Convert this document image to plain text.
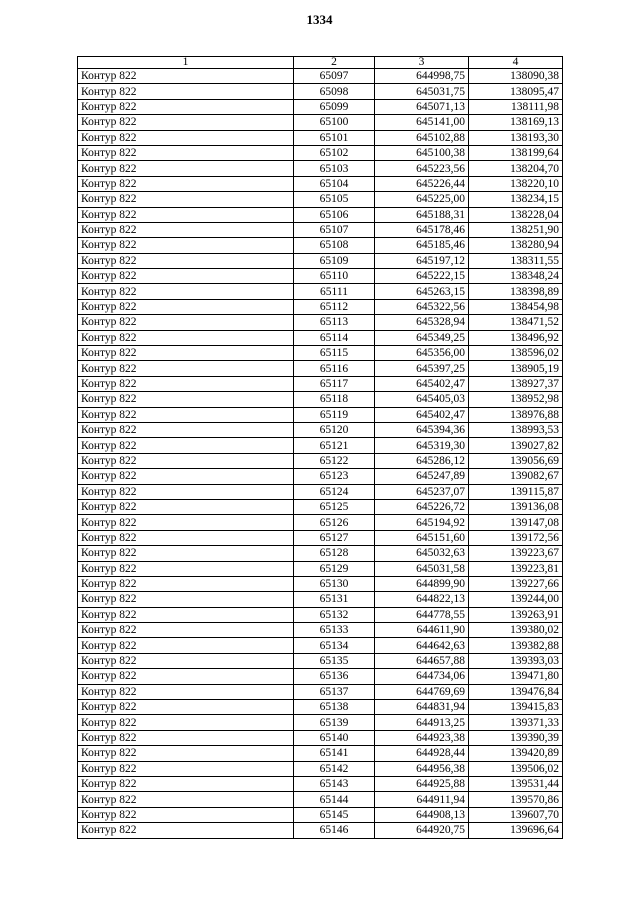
1334
1	2	3	4
Контур 822	65097	644998,75	138090,38
Контур 822	65098	645031,75	138095,47
Контур 822	65099	645071,13	138111,98
Контур 822	65100	645141,00	138169,13
Контур 822	65101	645102,88	138193,30
Контур 822	65102	645100,38	138199,64
Контур 822	65103	645223,56	138204,70
Контур 822	65104	645226,44	138220,10
Контур 822	65105	645225,00	138234,15
Контур 822	65106	645188,31	138228,04
Контур 822	65107	645178,46	138251,90
Контур 822	65108	645185,46	138280,94
Контур 822	65109	645197,12	138311,55
Контур 822	65110	645222,15	138348,24
Контур 822	65111	645263,15	138398,89
Контур 822	65112	645322,56	138454,98
Контур 822	65113	645328,94	138471,52
Контур 822	65114	645349,25	138496,92
Контур 822	65115	645356,00	138596,02
Контур 822	65116	645397,25	138905,19
Контур 822	65117	645402,47	138927,37
Контур 822	65118	645405,03	138952,98
Контур 822	65119	645402,47	138976,88
Контур 822	65120	645394,36	138993,53
Контур 822	65121	645319,30	139027,82
Контур 822	65122	645286,12	139056,69
Контур 822	65123	645247,89	139082,67
Контур 822	65124	645237,07	139115,87
Контур 822	65125	645226,72	139136,08
Контур 822	65126	645194,92	139147,08
Контур 822	65127	645151,60	139172,56
Контур 822	65128	645032,63	139223,67
Контур 822	65129	645031,58	139223,81
Контур 822	65130	644899,90	139227,66
Контур 822	65131	644822,13	139244,00
Контур 822	65132	644778,55	139263,91
Контур 822	65133	644611,90	139380,02
Контур 822	65134	644642,63	139382,88
Контур 822	65135	644657,88	139393,03
Контур 822	65136	644734,06	139471,80
Контур 822	65137	644769,69	139476,84
Контур 822	65138	644831,94	139415,83
Контур 822	65139	644913,25	139371,33
Контур 822	65140	644923,38	139390,39
Контур 822	65141	644928,44	139420,89
Контур 822	65142	644956,38	139506,02
Контур 822	65143	644925,88	139531,44
Контур 822	65144	644911,94	139570,86
Контур 822	65145	644908,13	139607,70
Контур 822	65146	644920,75	139696,64
